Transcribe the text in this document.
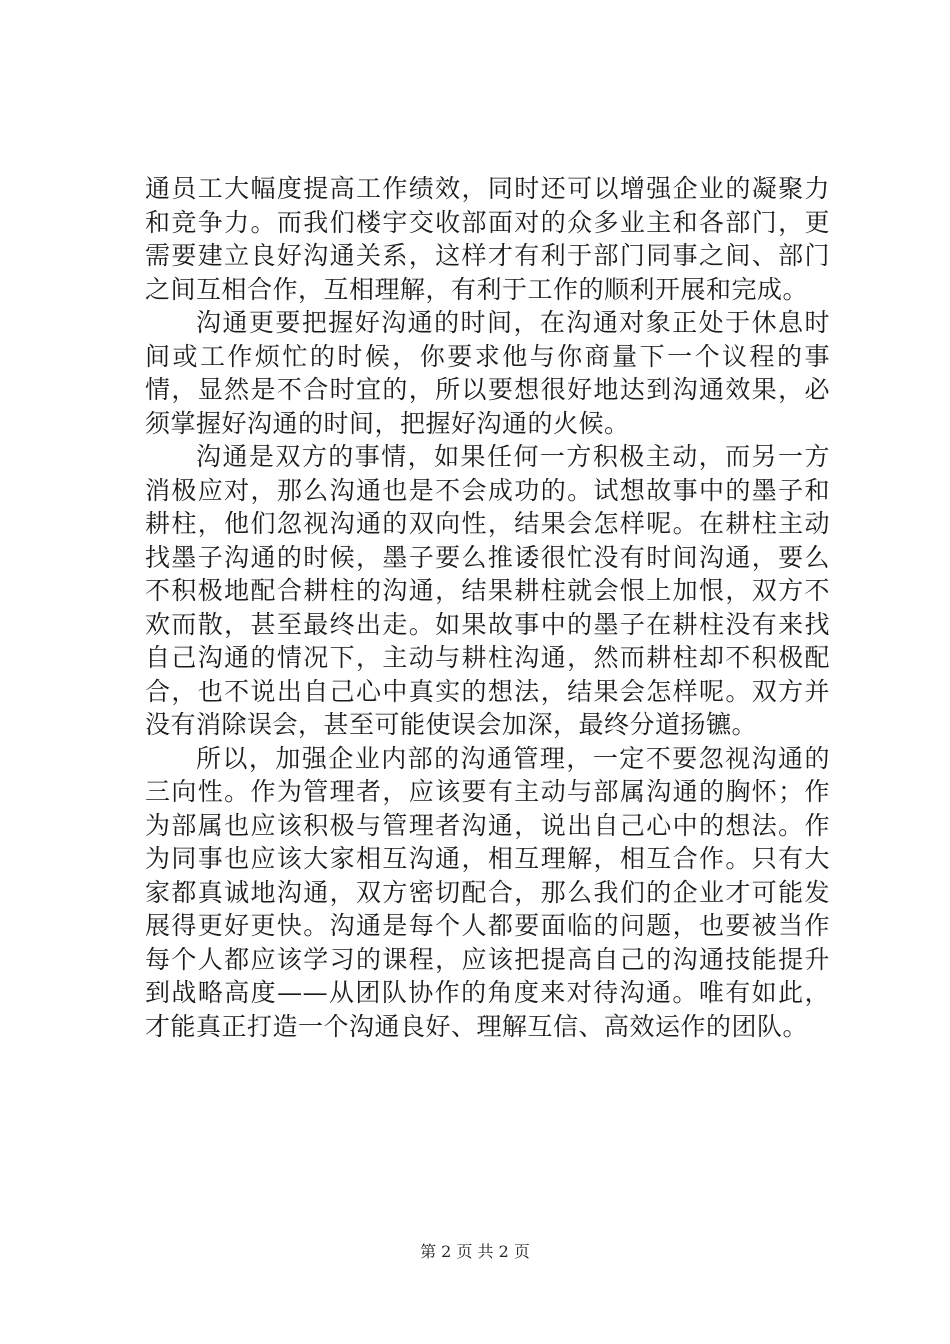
通员工大幅度提高工作绩效，同时还可以增强企业的凝聚力和竞争力。而我们楼宇交收部面对的众多业主和各部门，更需要建立良好沟通关系，这样才有利于部门同事之间、部门之间互相合作，互相理解，有利于工作的顺利开展和完成。

沟通更要把握好沟通的时间，在沟通对象正处于休息时间或工作烦忙的时候，你要求他与你商量下一个议程的事情，显然是不合时宜的，所以要想很好地达到沟通效果，必须掌握好沟通的时间，把握好沟通的火候。

沟通是双方的事情，如果任何一方积极主动，而另一方消极应对，那么沟通也是不会成功的。试想故事中的墨子和耕柱，他们忽视沟通的双向性，结果会怎样呢。在耕柱主动找墨子沟通的时候，墨子要么推诿很忙没有时间沟通，要么不积极地配合耕柱的沟通，结果耕柱就会恨上加恨，双方不欢而散，甚至最终出走。如果故事中的墨子在耕柱没有来找自己沟通的情况下，主动与耕柱沟通，然而耕柱却不积极配合，也不说出自己心中真实的想法，结果会怎样呢。双方并没有消除误会，甚至可能使误会加深，最终分道扬镳。

所以，加强企业内部的沟通管理，一定不要忽视沟通的三向性。作为管理者，应该要有主动与部属沟通的胸怀；作为部属也应该积极与管理者沟通，说出自己心中的想法。作为同事也应该大家相互沟通，相互理解，相互合作。只有大家都真诚地沟通，双方密切配合，那么我们的企业才可能发展得更好更快。沟通是每个人都要面临的问题，也要被当作每个人都应该学习的课程，应该把提高自己的沟通技能提升到战略高度——从团队协作的角度来对待沟通。唯有如此，才能真正打造一个沟通良好、理解互信、高效运作的团队。

第 2 页 共 2 页
